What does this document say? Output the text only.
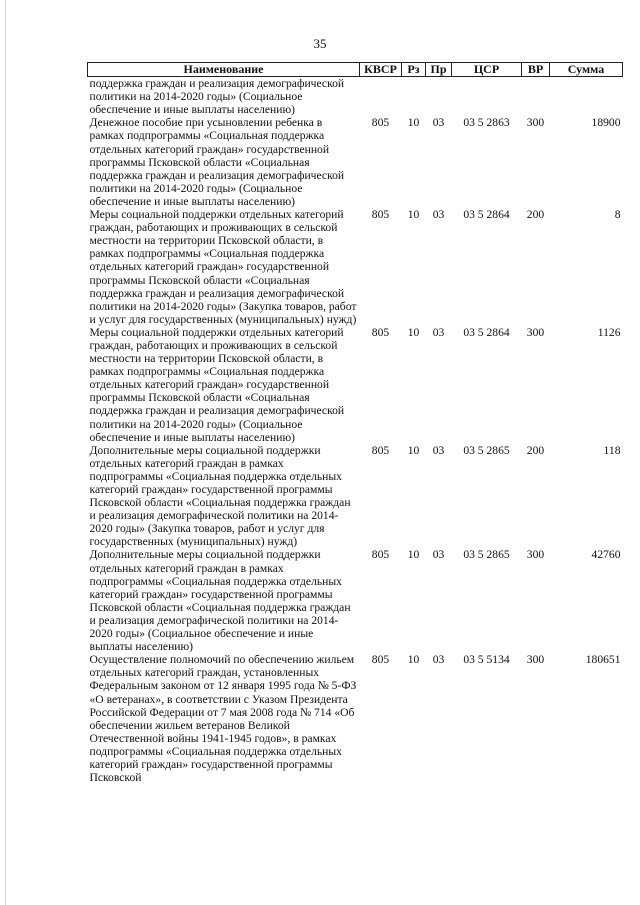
35
Наименование	КВСР	Рз	Пр	ЦСР	ВР	Сумма
поддержка граждан и реализация демографической политики на 2014-2020 годы» (Социальное обеспечение и иные выплаты населению)						
Денежное пособие при усыновлении ребенка в рамках подпрограммы «Социальная поддержка отдельных категорий граждан» государственной программы Псковской области «Социальная поддержка граждан и реализация демографической политики на 2014-2020 годы» (Социальное обеспечение и иные выплаты населению)	805	10	03	03 5 2863	300	18900
Меры социальной поддержки отдельных категорий граждан, работающих и проживающих в сельской местности на территории Псковской области, в рамках подпрограммы «Социальная поддержка отдельных категорий граждан» государственной программы Псковской области «Социальная поддержка граждан и реализация демографической политики на 2014-2020 годы» (Закупка товаров, работ и услуг для государственных (муниципальных) нужд)	805	10	03	03 5 2864	200	8
Меры социальной поддержки отдельных категорий граждан, работающих и проживающих в сельской местности на территории Псковской области, в рамках подпрограммы «Социальная поддержка отдельных категорий граждан» государственной программы Псковской области «Социальная поддержка граждан и реализация демографической политики на 2014-2020 годы» (Социальное обеспечение и иные выплаты населению)	805	10	03	03 5 2864	300	1126
Дополнительные меры социальной поддержки отдельных категорий граждан в рамках подпрограммы «Социальная поддержка отдельных категорий граждан» государственной программы Псковской области «Социальная поддержка граждан и реализация демографической политики на 2014-2020 годы» (Закупка товаров, работ и услуг для государственных (муниципальных) нужд)	805	10	03	03 5 2865	200	118
Дополнительные меры социальной поддержки отдельных категорий граждан в рамках подпрограммы «Социальная поддержка отдельных категорий граждан» государственной программы Псковской области «Социальная поддержка граждан и реализация демографической политики на 2014-2020 годы» (Социальное обеспечение и иные выплаты населению)	805	10	03	03 5 2865	300	42760
Осуществление полномочий по обеспечению жильем отдельных категорий граждан, установленных Федеральным законом от 12 января 1995 года № 5-ФЗ «О ветеранах», в соответствии с Указом Президента Российской Федерации от 7 мая 2008 года № 714 «Об обеспечении жильем ветеранов Великой Отечественной войны 1941-1945 годов», в рамках подпрограммы «Социальная поддержка отдельных категорий граждан» государственной программы Псковской	805	10	03	03 5 5134	300	180651
